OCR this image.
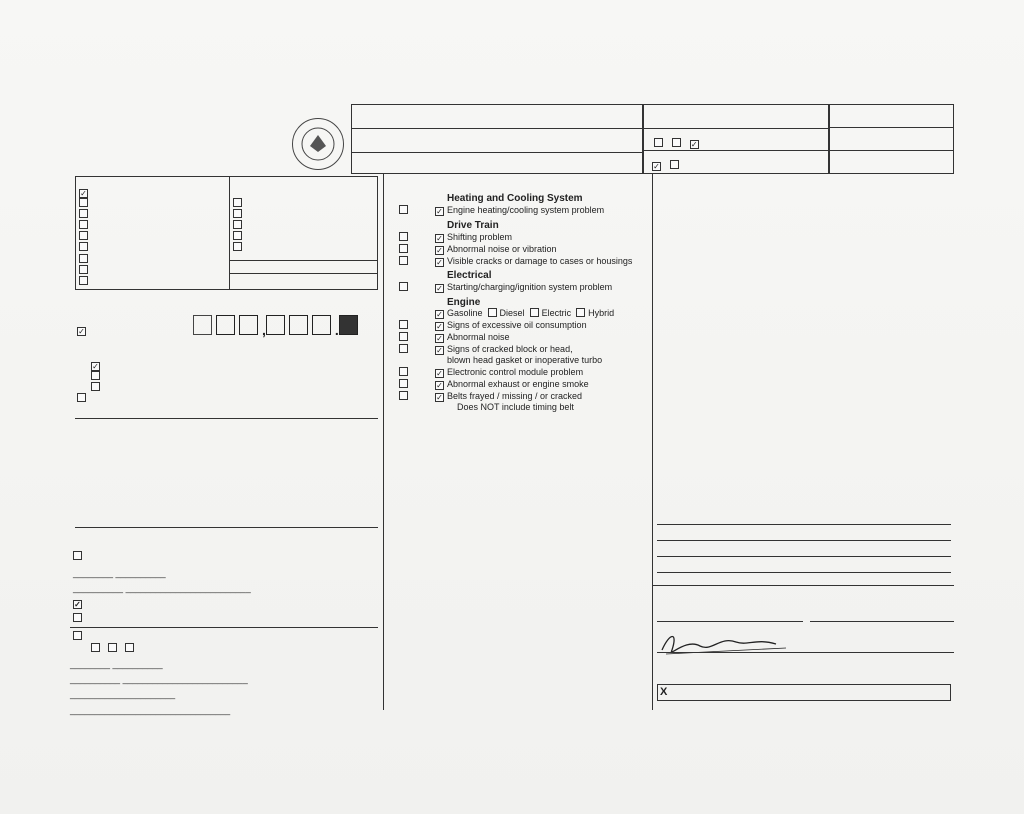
✓
✓
✓
✓
,	.
✓
________ __________
__________ _________________________
✓

________ __________
__________ _________________________
_____________________
________________________________
Heating and Cooling System
✓
Engine heating/cooling system problem
Drive Train
✓
Shifting problem
✓
Abnormal noise or vibration
✓
Visible cracks or damage to cases or housings
Electrical
✓
Starting/charging/ignition system problem
Engine
✓Gasoline Diesel Electric Hybrid
✓
Signs of excessive oil consumption
✓
Abnormal noise
✓
Signs of cracked block or head,
blown head gasket or inoperative turbo
✓
Electronic control module problem
✓
Abnormal exhaust or engine smoke
✓
Belts frayed / missing / or cracked
Does NOT include timing belt
X
